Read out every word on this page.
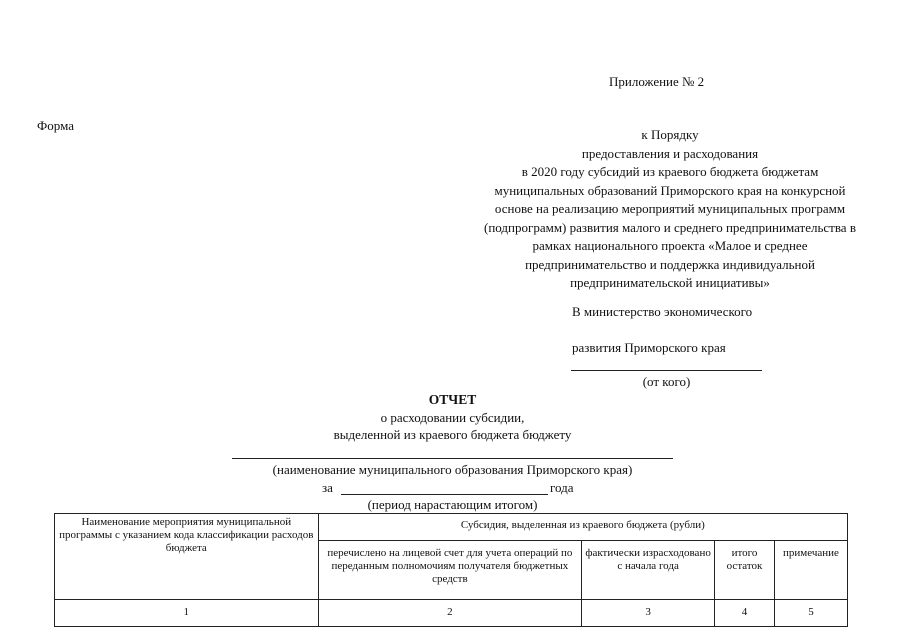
Приложение № 2
Форма
к Порядку
предоставления и расходования
в 2020 году субсидий из краевого бюджета бюджетам
муниципальных образований Приморского края на конкурсной
основе на реализацию мероприятий муниципальных программ
(подпрограмм) развития малого и среднего предпринимательства в
рамках национального проекта «Малое и среднее
предпринимательство и поддержка индивидуальной
предпринимательской инициативы»
В министерство экономического
развития Приморского края
(от кого)
ОТЧЕТ
о расходовании субсидии,
выделенной из краевого бюджета бюджету
(наименование муниципального образования Приморского края)
за	года
(период нарастающим итогом)
Наименование мероприятия муниципальной программы с указанием кода классификации расходов бюджета	Субсидия, выделенная из краевого бюджета (рубли)			
	перечислено на лицевой счет для учета операций по переданным полномочиям получателя бюджетных средств	фактически израсходовано с начала года	итого остаток	примечание
1	2	3	4	5
